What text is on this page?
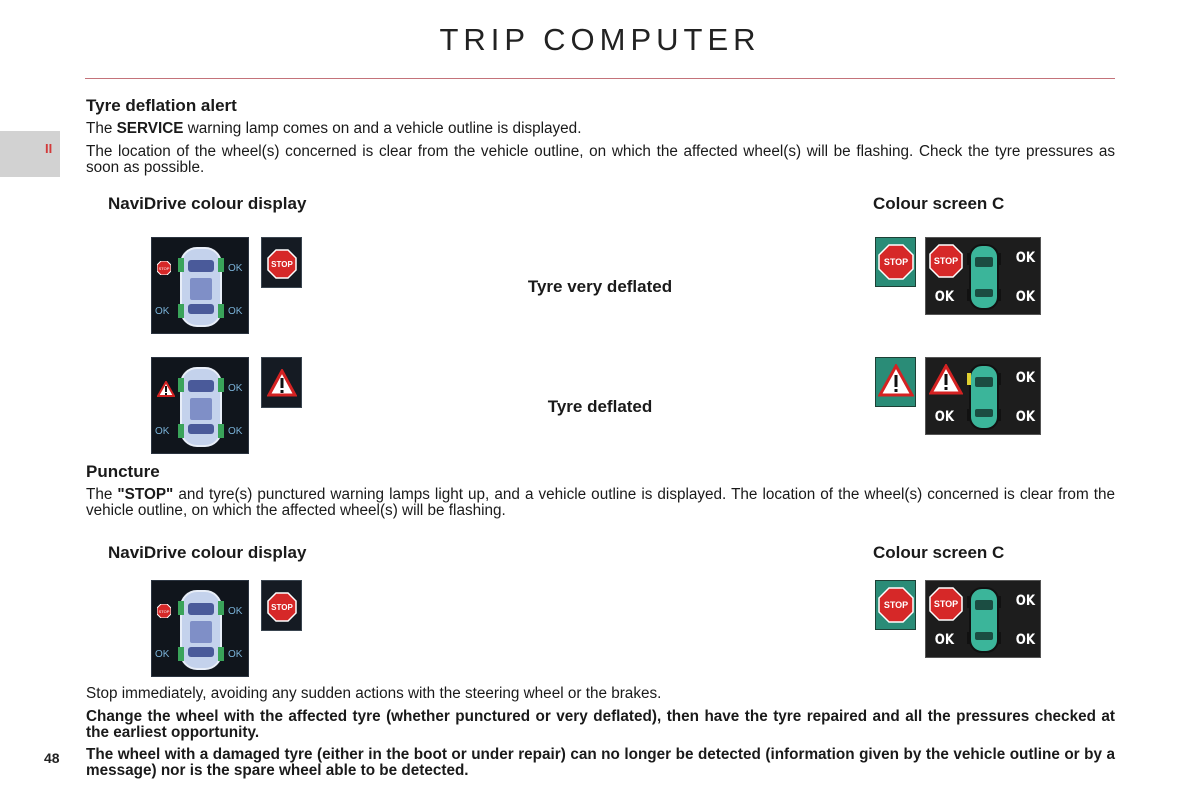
TRIP COMPUTER
II
Tyre deflation alert
The SERVICE warning lamp comes on and a vehicle outline is displayed.
The location of the wheel(s) concerned is clear from the vehicle outline, on which the affected wheel(s) will be flashing. Check the tyre pressures as soon as possible.
NaviDrive colour display	Colour screen C
Tyre very deflated
Tyre deflated
STOP	OK
OK	OK
STOP	STOP	STOP	OK
OK	OK
OK
OK	OK
OK
OK	OK
Puncture
The "STOP" and tyre(s) punctured warning lamps light up, and a vehicle outline is displayed. The location of the wheel(s) concerned is clear from the vehicle outline, on which the affected wheel(s) will be flashing.
NaviDrive colour display	Colour screen C
STOP	OK
OK	OK
STOP	STOP	STOP	OK
OK	OK
Stop immediately, avoiding any sudden actions with the steering wheel or the brakes.
Change the wheel with the affected tyre (whether punctured or very deflated), then have the tyre repaired and all the pressures checked at the earliest opportunity.
The wheel with a damaged tyre (either in the boot or under repair) can no longer be detected (information given by the vehicle outline or by a message) nor is the spare wheel able to be detected.
48
